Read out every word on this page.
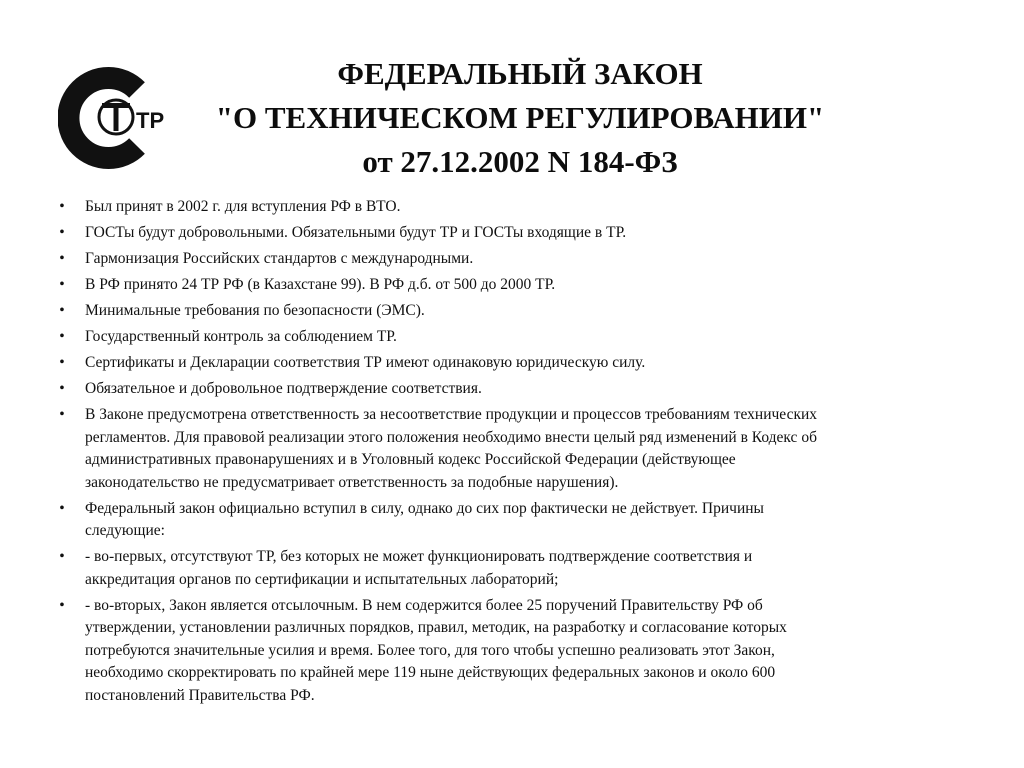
ТР
ФЕДЕРАЛЬНЫЙ ЗАКОН
"О ТЕХНИЧЕСКОМ РЕГУЛИРОВАНИИ"
от 27.12.2002 N 184-ФЗ
• Был принят в 2002 г. для вступления РФ в ВТО.
• ГОСТы будут добровольными. Обязательными будут ТР и ГОСТы входящие в ТР.
• Гармонизация Российских стандартов с международными.
• В РФ принято 24 ТР РФ (в Казахстане 99). В РФ д.б. от 500 до 2000 ТР.
• Минимальные требования по безопасности (ЭМС).
• Государственный контроль за соблюдением ТР.
• Сертификаты и Декларации соответствия ТР имеют одинаковую юридическую силу.
• Обязательное и добровольное подтверждение соответствия.
• В Законе предусмотрена ответственность за несоответствие продукции и процессов требованиям технических
регламентов. Для правовой реализации этого положения необходимо внести целый ряд изменений в Кодекс об
административных правонарушениях и в Уголовный кодекс Российской Федерации (действующее
законодательство не предусматривает ответственность за подобные нарушения).
• Федеральный закон официально вступил в силу, однако до сих пор фактически не действует. Причины
следующие:
• - во-первых, отсутствуют ТР, без которых не может функционировать подтверждение соответствия и
аккредитация органов по сертификации и испытательных лабораторий;
• - во-вторых, Закон является отсылочным. В нем содержится более 25 поручений Правительству РФ об
утверждении, установлении различных порядков, правил, методик, на разработку и согласование которых
потребуются значительные усилия и время. Более того, для того чтобы успешно реализовать этот Закон,
необходимо скорректировать по крайней мере 119 ныне действующих федеральных законов и около 600
постановлений Правительства РФ.
